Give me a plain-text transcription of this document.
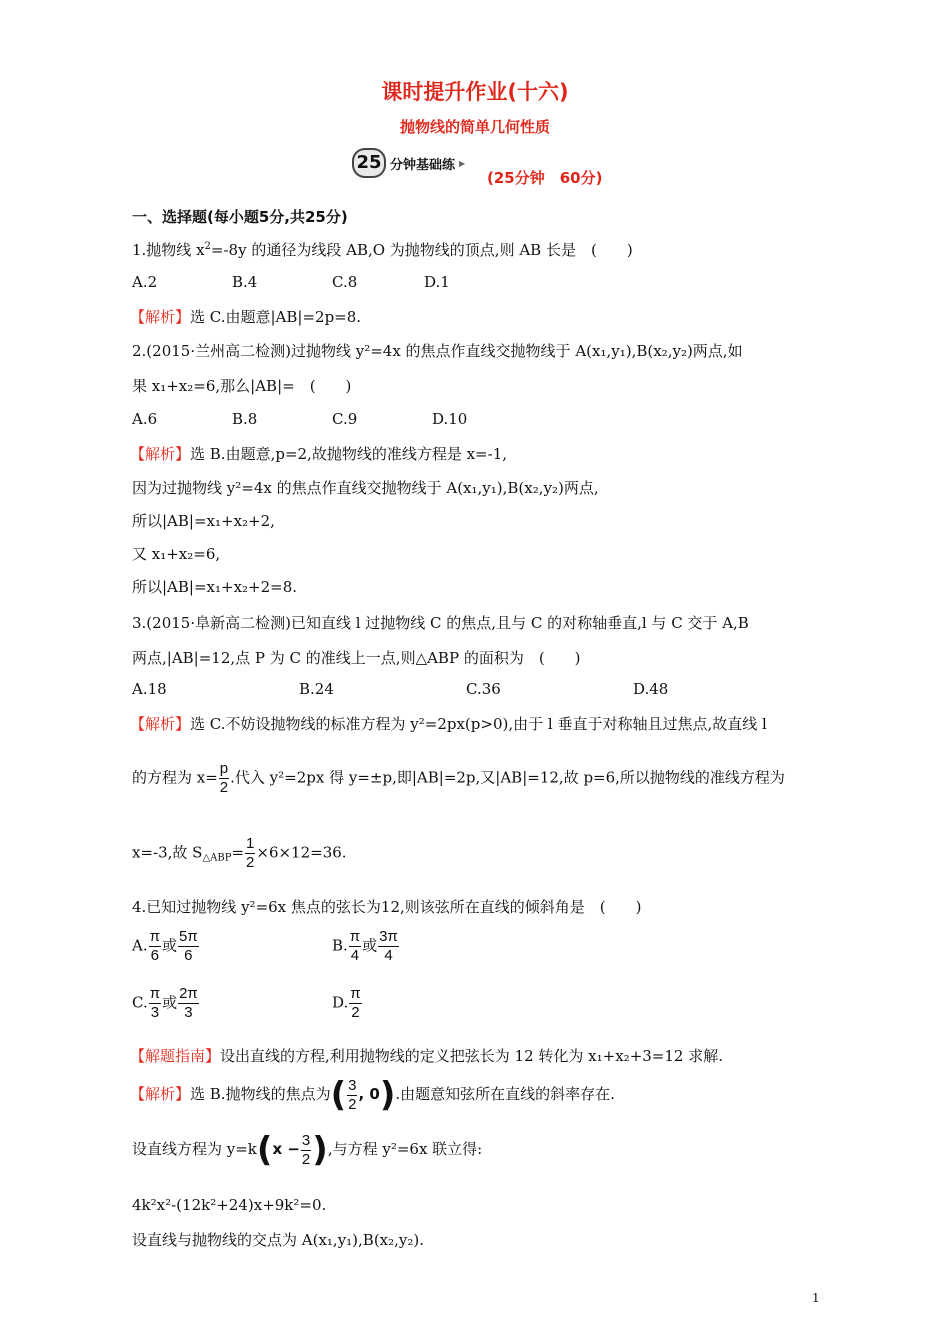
课时提升作业(十六)
抛物线的简单几何性质
25 分钟基础练 ▶
(25分钟　60分)
一、选择题(每小题5分,共25分)
1.抛物线 $x^2=-8y$ 的通径为线段 AB,O 为抛物线的顶点,则 AB 长是　(　　)
A.2	B.4	C.8	D.1
【解析】选 C.由题意|AB|=2p=8.
2.(2015·兰州高二检测)过抛物线 y²=4x 的焦点作直线交抛物线于 A(x₁,y₁),B(x₂,y₂)两点,如
果 x₁+x₂=6,那么|AB|=　(　　)
A.6	B.8	C.9	D.10
【解析】选 B.由题意,p=2,故抛物线的准线方程是 x=-1,
因为过抛物线 y²=4x 的焦点作直线交抛物线于 A(x₁,y₁),B(x₂,y₂)两点,
所以|AB|=x₁+x₂+2,
又 x₁+x₂=6,
所以|AB|=x₁+x₂+2=8.
3.(2015·阜新高二检测)已知直线 l 过抛物线 C 的焦点,且与 C 的对称轴垂直,l 与 C 交于 A,B
两点,|AB|=12,点 P 为 C 的准线上一点,则△ABP 的面积为　(　　)
A.18	B.24	C.36	D.48
【解析】选 C.不妨设抛物线的标准方程为 y²=2px(p>0),由于 l 垂直于对称轴且过焦点,故直线 l
的方程为 $x= \frac{p}{2}$ .代入 y²=2px 得 y=±p,即|AB|=2p,又|AB|=12,故 p=6,所以抛物线的准线方程为
x=-3,故 $S_{\triangle ABP}= \frac{1}{2} \times 6\times 12=36$.
4.已知过抛物线 y²=6x 焦点的弦长为12,则该弦所在直线的倾斜角是　(　　)
A. $\frac{\pi}{6}$ 或 $\frac{5\pi}{6}$	B. $\frac{\pi}{4}$ 或 $\frac{3\pi}{4}$
C. $\frac{\pi}{3}$ 或 $\frac{2\pi}{3}$	D. $\frac{\pi}{2}$
【解题指南】设出直线的方程,利用抛物线的定义把弦长为 12 转化为 x₁+x₂+3=12 求解.
【解析】选 B.抛物线的焦点为( $\frac{3}{2}$ , 0).由题意知弦所在直线的斜率存在.
设直线方程为 $y=k(x - \frac{3}{2}$ ),与方程 y²=6x 联立得:
4k²x²-(12k²+24)x+9k²=0.
设直线与抛物线的交点为 A(x₁,y₁),B(x₂,y₂).
1
